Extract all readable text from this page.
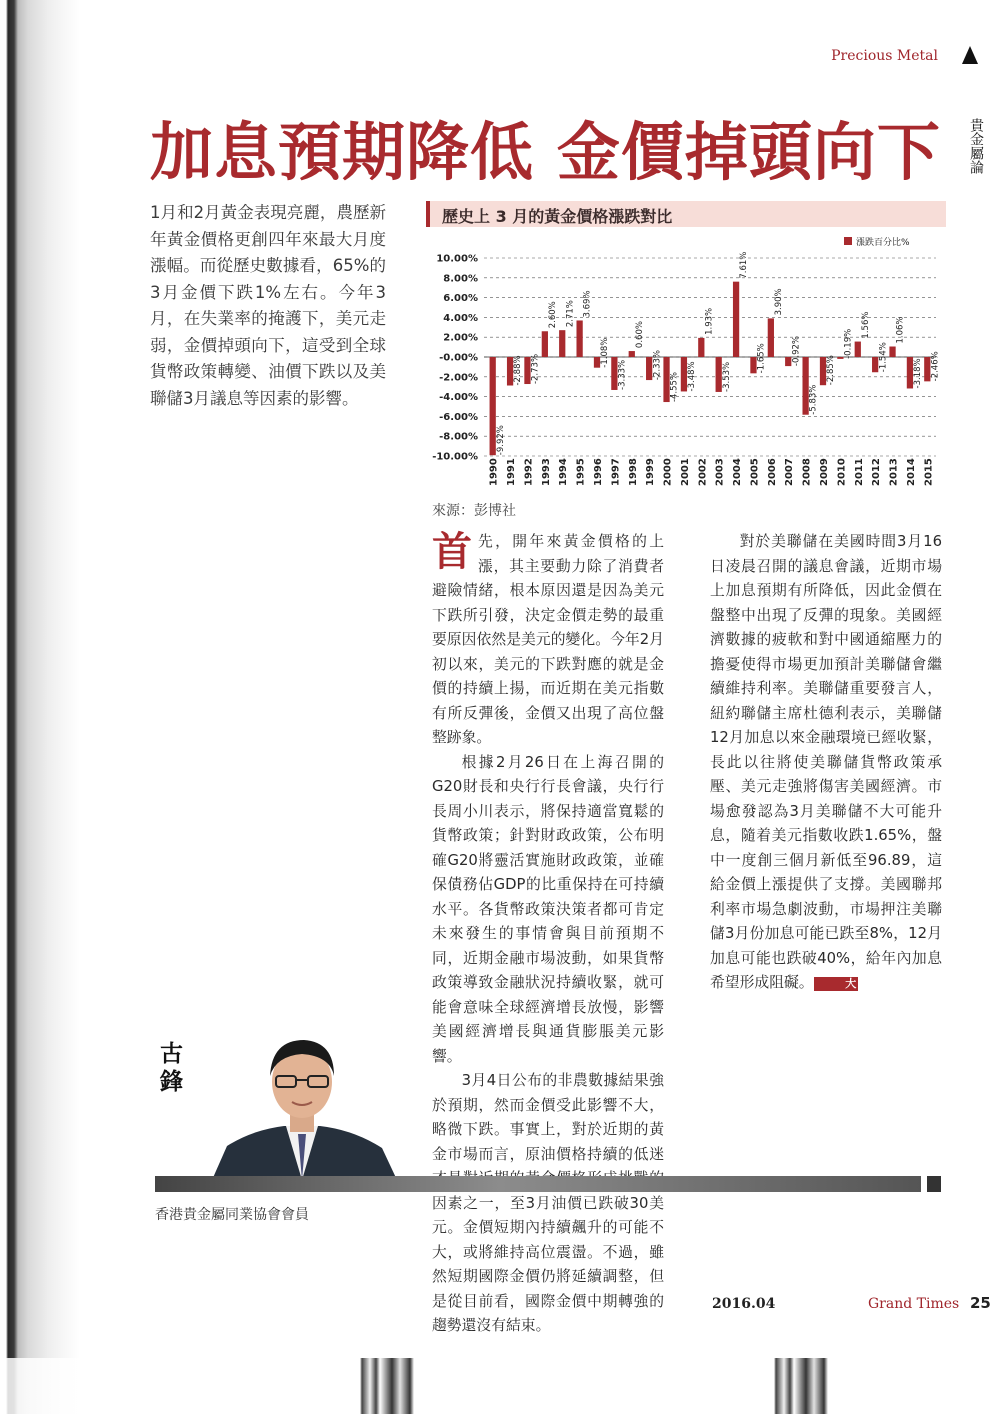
Precious Metal
貴金屬論
加息預期降低 金價掉頭向下
1月和2月黃金表現亮麗，農歷新年黃金價格更創四年來最大月度漲幅。而從歷史數據看，65%的3月金價下跌1%左右。今年3月，在失業率的掩護下，美元走弱，金價掉頭向下，這受到全球貨幣政策轉變、油價下跌以及美聯儲3月議息等因素的影響。
歷史上 3 月的黃金價格漲跌對比
漲跌百分比%
10.00%
8.00%
6.00%
4.00%
2.00%
-0.00%
-2.00%
-4.00%
-6.00%
-8.00%
-10.00%
-9.92%
1990
-2.88%
1991
-2.73%
1992
2.60%
1993
2.71%
1994
3.69%
1995
-1.08%
1996
-3.33%
1997
0.60%
1998
-2.33%
1999
-4.55%
2000
-3.48%
2001
1.93%
2002
-3.53%
2003
7.61%
2004
-1.65%
2005
3.90%
2006
-0.92%
2007
-5.83%
2008
-2.85%
2009
-0.19%
2010
1.56%
2011
-1.54%
2012
1.06%
2013
-3.18%
2014
-2.46%
2015
來源：彭博社

首先，開年來黃金價格的上漲，其主要動力除了消費者避險情緒，根本原因還是因為美元下跌所引發，決定金價走勢的最重要原因依然是美元的變化。今年2月初以來，美元的下跌對應的就是金價的持續上揚，而近期在美元指數有所反彈後，金價又出現了高位盤整跡象。

根據2月26日在上海召開的G20財長和央行行長會議，央行行長周小川表示，將保持適當寬鬆的貨幣政策；針對財政政策，公布明確G20將靈活實施財政政策，並確保債務佔GDP的比重保持在可持續水平。各貨幣政策決策者都可肯定未來發生的事情會與目前預期不同，近期金融市場波動，如果貨幣政策導致金融狀況持續收緊，就可能會意味全球經濟增長放慢，影響美國經濟增長與通貨膨脹美元影響。

3月4日公布的非農數據結果強於預期，然而金價受此影響不大，略微下跌。事實上，對於近期的黃金市場而言，原油價格持續的低迷 因素之一，至3月油價已跌破30美元。金價短期內持續飆升的可能不大，或將維持高位震盪。不過，雖然短期國際金價仍將延續調整，但是從目前看，國際金價中期轉強的趨勢還沒有結束。

對於美聯儲在美國時間3月16日凌晨召開的議息會議，近期市場上加息預期有所降低，因此金價在盤整中出現了反彈的現象。美國經濟數據的疲軟和對中國通縮壓力的擔憂使得市場更加預計美聯儲會繼續維持利率。美聯儲重要發言人，紐約聯儲主席杜德利表示，美聯儲12月加息以來金融環境已經收緊，長此以往將使美聯儲貨幣政策承壓、美元走強將傷害美國經濟。市場愈發認為3月美聯儲不大可能升息，隨着美元指數收跌1.65%，盤中一度創三個月新低至96.89，這給金價上漲提供了支撐。美國聯邦利率市場急劇波動，市場押注美聯儲3月份加息可能已跌至8%，12月加息可能也跌破40%，給年內加息希望形成阻礙。	大

古鋒
香港貴金屬同業協會會員
2016.04	Grand Times 25
